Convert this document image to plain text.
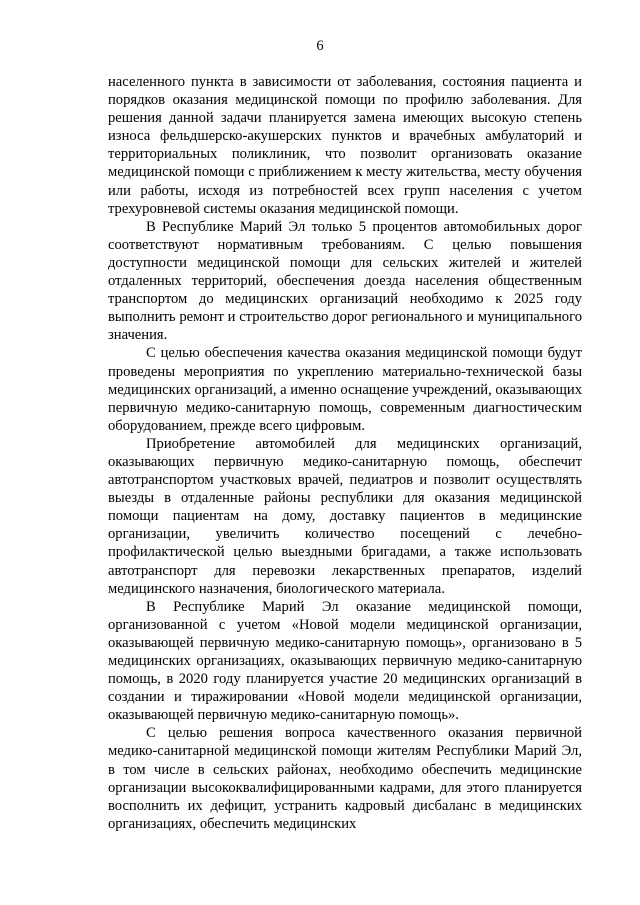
6

населенного пункта в зависимости от заболевания, состояния пациента и порядков оказания медицинской помощи по профилю заболевания. Для решения данной задачи планируется замена имеющих высокую степень износа фельдшерско-акушерских пунктов и врачебных амбулаторий и территориальных поликлиник, что позволит организовать оказание медицинской помощи с приближением к месту жительства, месту обучения или работы, исходя из потребностей всех групп населения с учетом трехуровневой системы оказания медицинской помощи.

В Республике Марий Эл только 5 процентов автомобильных дорог соответствуют нормативным требованиям. С целью повышения доступности медицинской помощи для сельских жителей и жителей отдаленных территорий, обеспечения доезда населения общественным транспортом до медицинских организаций необходимо к 2025 году выполнить ремонт и строительство дорог регионального и муниципального значения.

С целью обеспечения качества оказания медицинской помощи будут проведены мероприятия по укреплению материально-технической базы медицинских организаций, а именно оснащение учреждений, оказывающих первичную медико-санитарную помощь, современным диагностическим оборудованием, прежде всего цифровым.

Приобретение автомобилей для медицинских организаций, оказывающих первичную медико-санитарную помощь, обеспечит автотранспортом участковых врачей, педиатров и позволит осуществлять выезды в отдаленные районы республики для оказания медицинской помощи пациентам на дому, доставку пациентов в медицинские организации, увеличить количество посещений с лечебно-профилактической целью выездными бригадами, а также использовать автотранспорт для перевозки лекарственных препаратов, изделий медицинского назначения, биологического материала.

В Республике Марий Эл оказание медицинской помощи, организованной с учетом «Новой модели медицинской организации, оказывающей первичную медико-санитарную помощь», организовано в 5 медицинских организациях, оказывающих первичную медико-санитарную помощь, в 2020 году планируется участие 20 медицинских организаций в создании и тиражировании «Новой модели медицинской организации, оказывающей первичную медико-санитарную помощь».

С целью решения вопроса качественного оказания первичной медико-санитарной медицинской помощи жителям Республики Марий Эл, в том числе в сельских районах, необходимо обеспечить медицинские организации высококвалифицированными кадрами, для этого планируется восполнить их дефицит, устранить кадровый дисбаланс в медицинских организациях, обеспечить медицинских
